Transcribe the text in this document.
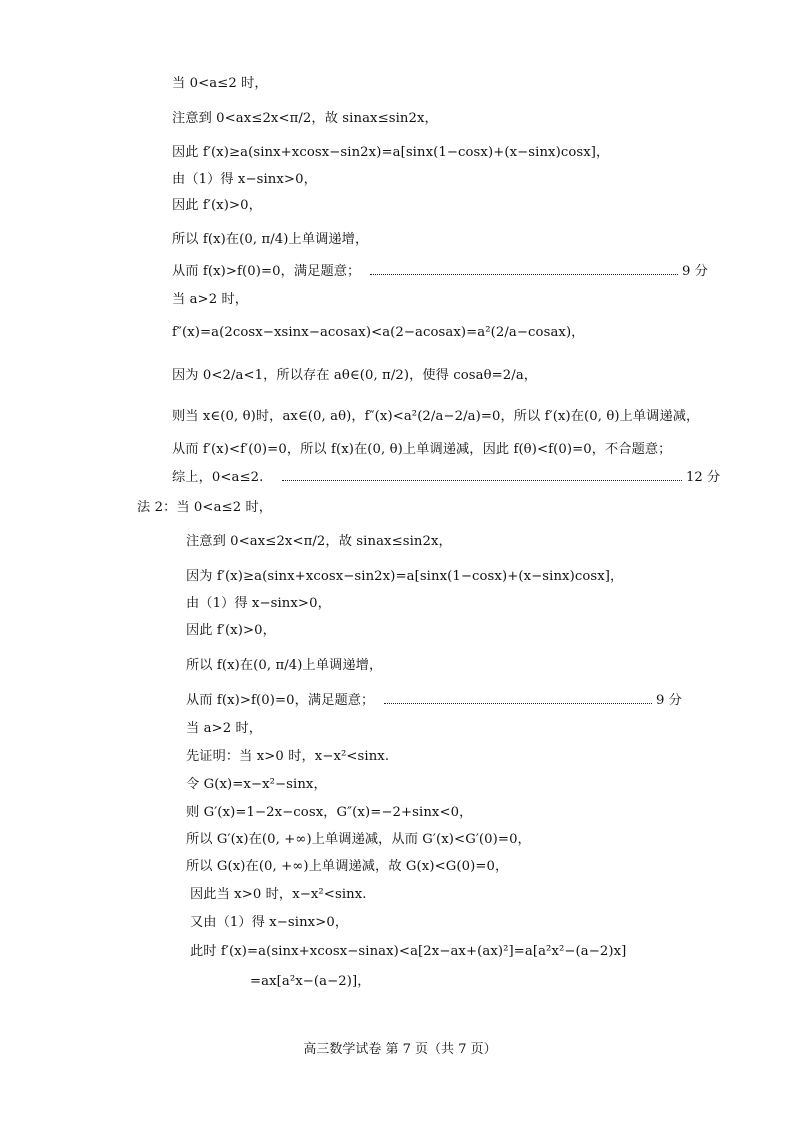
当 0<a≤2 时，
注意到 0<ax≤2x<π/2，故 sinax≤sin2x，
因此 f′(x)≥a(sinx+xcosx−sin2x)=a[sinx(1−cosx)+(x−sinx)cosx]，
由（1）得 x−sinx>0，
因此 f′(x)>0，
所以 f(x)在(0, π/4)上单调递增，
从而 f(x)>f(0)=0，满足题意；	9 分
当 a>2 时，
f″(x)=a(2cosx−xsinx−acosax)<a(2−acosax)=a²(2/a−cosax)，
因为 0<2/a<1，所以存在 aθ∈(0, π/2)，使得 cosaθ=2/a，
则当 x∈(0, θ)时，ax∈(0, aθ)，f″(x)<a²(2/a−2/a)=0，所以 f′(x)在(0, θ)上单调递减，
从而 f′(x)<f′(0)=0，所以 f(x)在(0, θ)上单调递减，因此 f(θ)<f(0)=0，不合题意；
综上，0<a≤2.	12 分
法 2：当 0<a≤2 时，
注意到 0<ax≤2x<π/2，故 sinax≤sin2x，
因为 f′(x)≥a(sinx+xcosx−sin2x)=a[sinx(1−cosx)+(x−sinx)cosx]，
由（1）得 x−sinx>0，
因此 f′(x)>0，
所以 f(x)在(0, π/4)上单调递增，
从而 f(x)>f(0)=0，满足题意；	9 分
当 a>2 时，
先证明：当 x>0 时，x−x²<sinx.
令 G(x)=x−x²−sinx，
则 G′(x)=1−2x−cosx，G″(x)=−2+sinx<0，
所以 G′(x)在(0, +∞)上单调递减，从而 G′(x)<G′(0)=0，
所以 G(x)在(0, +∞)上单调递减，故 G(x)<G(0)=0，
因此当 x>0 时，x−x²<sinx.
又由（1）得 x−sinx>0，
此时 f′(x)=a(sinx+xcosx−sinax)<a[2x−ax+(ax)²]=a[a²x²−(a−2)x]
=ax[a²x−(a−2)]，
高三数学试卷 第 7 页（共 7 页）
